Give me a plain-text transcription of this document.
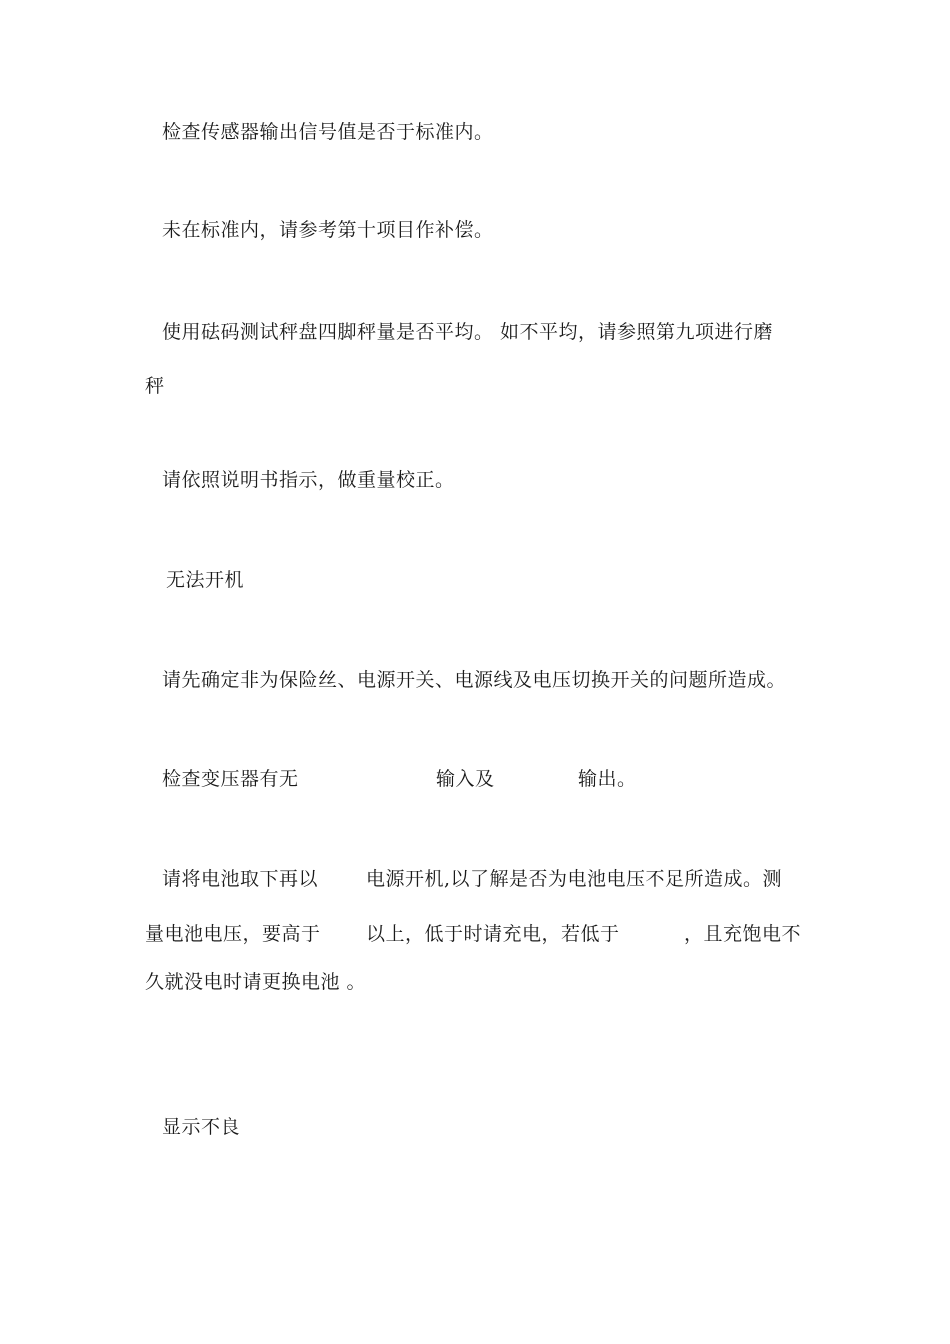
检查传感器输出信号值是否于标准内。
未在标准内，请参考第十项目作补偿。
使用砝码测试秤盘四脚秤量是否平均。 如不平均，请参照第九项进行磨
秤
请依照说明书指示，做重量校正。
无法开机
请先确定非为保险丝、电源开关、电源线及电压切换开关的问题所造成。
检查变压器有无	输入及	输出。
请将电池取下再以	电源开机,以了解是否为电池电压不足所造成。测
量电池电压，要高于 以上，低于时请充电，若低于	，且充饱电不
久就没电时请更换电池 。
显示不良
